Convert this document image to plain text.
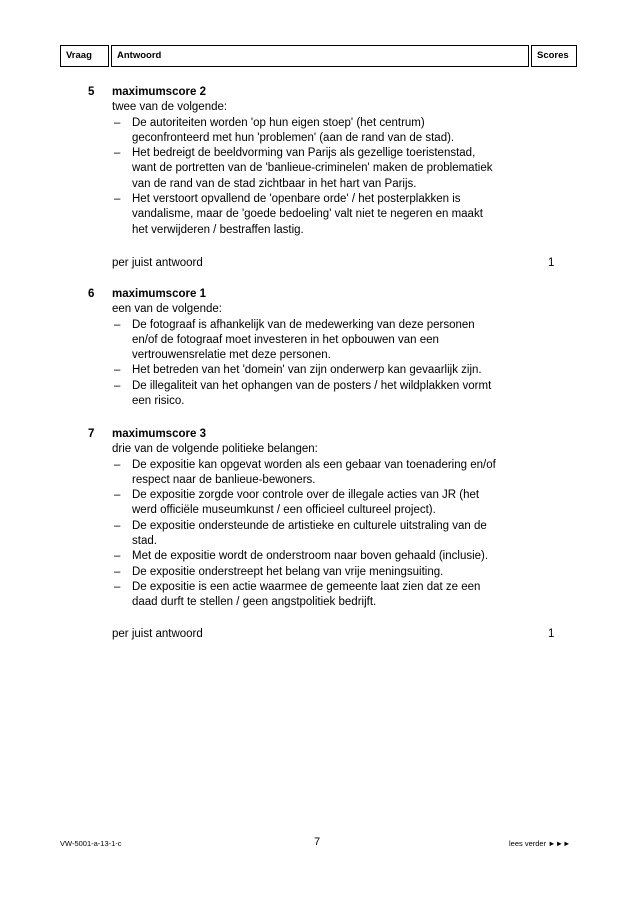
Vraag	Antwoord	Scores
5 maximumscore 2
twee van de volgende:
– De autoriteiten worden 'op hun eigen stoep' (het centrum)
geconfronteerd met hun 'problemen' (aan de rand van de stad).
– Het bedreigt de beeldvorming van Parijs als gezellige toeristenstad,
want de portretten van de 'banlieue-criminelen' maken de problematiek
van de rand van de stad zichtbaar in het hart van Parijs.
– Het verstoort opvallend de 'openbare orde' / het posterplakken is
vandalisme, maar de 'goede bedoeling' valt niet te negeren en maakt
het verwijderen / bestraffen lastig.
per juist antwoord	1
6 maximumscore 1
een van de volgende:
– De fotograaf is afhankelijk van de medewerking van deze personen
en/of de fotograaf moet investeren in het opbouwen van een
vertrouwensrelatie met deze personen.
– Het betreden van het 'domein' van zijn onderwerp kan gevaarlijk zijn.
– De illegaliteit van het ophangen van de posters / het wildplakken vormt
een risico.
7 maximumscore 3
drie van de volgende politieke belangen:
– De expositie kan opgevat worden als een gebaar van toenadering en/of
respect naar de banlieue-bewoners.
– De expositie zorgde voor controle over de illegale acties van JR (het
werd officiële museumkunst / een officieel cultureel project).
– De expositie ondersteunde de artistieke en culturele uitstraling van de
stad.
– Met de expositie wordt de onderstroom naar boven gehaald (inclusie).
– De expositie onderstreept het belang van vrije meningsuiting.
– De expositie is een actie waarmee de gemeente laat zien dat ze een
daad durft te stellen / geen angstpolitiek bedrijft.
per juist antwoord	1
VW-5001-a-13-1-c	7	lees verder ►►►
